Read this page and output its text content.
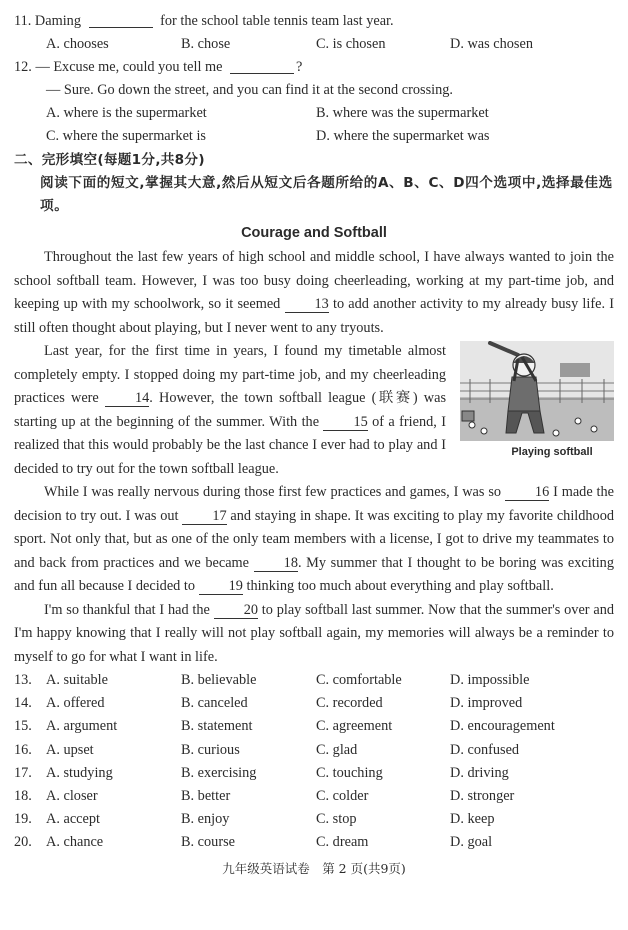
11. Daming	for the school table tennis team last year.
A. chooses	B. chose	C. is chosen	D. was chosen
12. — Excuse me, could you tell me	?
— Sure. Go down the street, and you can find it at the second crossing.
A. where is the supermarket	B. where was the supermarket
C. where the supermarket is	D. where the supermarket was
二、完形填空(每题1分,共8分)
阅读下面的短文,掌握其大意,然后从短文后各题所给的A、B、C、D四个选项中,选择最佳选项。
Courage and Softball
Throughout the last few years of high school and middle school, I have always wanted to join the school softball team. However, I was too busy doing cheerleading, working at my part-time job, and keeping up with my schoolwork, so it seemed 13 to add another activity to my already busy life. I still often thought about playing, but I never went to any tryouts.
Playing softball
Last year, for the first time in years, I found my timetable almost completely empty. I stopped doing my part-time job, and my cheerleading practices were	14. However, the town softball league (联赛) was starting up at the beginning of the summer. With the 15 of a friend, I realized that this would probably be the last chance I ever had to play and I decided to try out for the town softball league.
While I was really nervous during those first few practices and games, I was so 16 I made the decision to try out. I was out 17 and staying in shape. It was exciting to play my favorite childhood sport. Not only that, but as one of the only team members with a license, I got to drive my teammates to and back from practices and we became 18. My summer that I thought to be boring was exciting and fun all because I decided to 19 thinking too much about everything and play softball.
I'm so thankful that I had the 20 to play softball last summer. Now that the summer's over and I'm happy knowing that I really will not play softball again, my memories will always be a reminder to myself to go for what I want in life.
13. A. suitable	B. believable	C. comfortable	D. impossible
14. A. offered	B. canceled	C. recorded	D. improved
15. A. argument	B. statement	C. agreement	D. encouragement
16. A. upset	B. curious	C. glad	D. confused
17. A. studying	B. exercising	C. touching	D. driving
18. A. closer	B. better	C. colder	D. stronger
19. A. accept	B. enjoy	C. stop	D. keep
20. A. chance	B. course	C. dream	D. goal
九年级英语试卷　第 2 页(共9页)
